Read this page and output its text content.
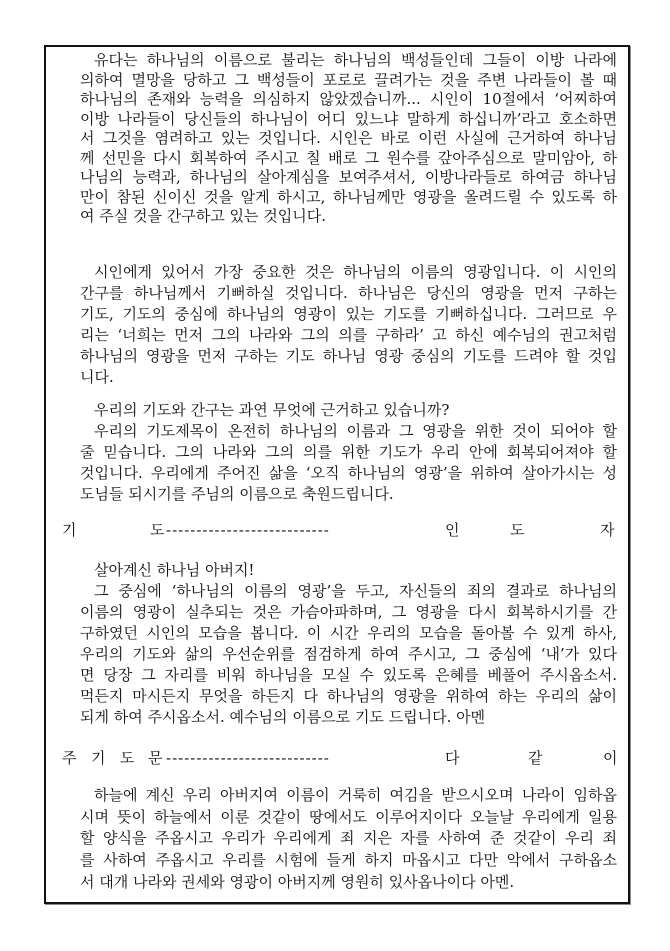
유다는 하나님의 이름으로 불리는 하나님의 백성들인데 그들이 이방 나라에
의하여 멸망을 당하고 그 백성들이 포로로 끌려가는 것을 주변 나라들이 볼 때
하나님의 존재와 능력을 의심하지 않았겠습니까... 시인이 10절에서 ‘어찌하여
이방 나라들이 당신들의 하나님이 어디 있느냐 말하게 하십니까’라고 호소하면
서 그것을 염려하고 있는 것입니다. 시인은 바로 이런 사실에 근거하여 하나님
께 선민을 다시 회복하여 주시고 칠 배로 그 원수를 갚아주심으로 말미암아, 하
나님의 능력과, 하나님의 살아계심을 보여주셔서, 이방나라들로 하여금 하나님
만이 참된 신이신 것을 알게 하시고, 하나님께만 영광을 올려드릴 수 있도록 하
여 주실 것을 간구하고 있는 것입니다.
시인에게 있어서 가장 중요한 것은 하나님의 이름의 영광입니다. 이 시인의
간구를 하나님께서 기뻐하실 것입니다. 하나님은 당신의 영광을 먼저 구하는
기도, 기도의 중심에 하나님의 영광이 있는 기도를 기뻐하십니다. 그러므로 우
리는 ‘너희는 먼저 그의 나라와 그의 의를 구하라’ 고 하신 예수님의 권고처럼
하나님의 영광을 먼저 구하는 기도 하나님 영광 중심의 기도를 드려야 할 것입
니다.
우리의 기도와 간구는 과연 무엇에 근거하고 있습니까?
우리의 기도제목이 온전히 하나님의 이름과 그 영광을 위한 것이 되어야 할
줄 믿습니다. 그의 나라와 그의 의를 위한 기도가 우리 안에 회복되어져야 할
것입니다. 우리에게 주어진 삶을 ‘오직 하나님의 영광’을 위하여 살아가시는 성
도님들 되시기를 주님의 이름으로 축원드립니다.
기	도 ---------------------------	인	도	자
살아계신 하나님 아버지!
그 중심에 ‘하나님의 이름의 영광’을 두고, 자신들의 죄의 결과로 하나님의
이름의 영광이 실추되는 것은 가슴아파하며, 그 영광을 다시 회복하시기를 간
구하였던 시인의 모습을 봅니다. 이 시간 우리의 모습을 돌아볼 수 있게 하사,
우리의 기도와 삶의 우선순위를 점검하게 하여 주시고, 그 중심에 ‘내’가 있다
면 당장 그 자리를 비워 하나님을 모실 수 있도록 은혜를 베풀어 주시옵소서.
먹든지 마시든지 무엇을 하든지 다 하나님의 영광을 위하여 하는 우리의 삶이
되게 하여 주시옵소서. 예수님의 이름으로 기도 드립니다. 아멘
주 기 도 문 ---------------------------	다	같	이
하늘에 계신 우리 아버지여 이름이 거룩히 여김을 받으시오며 나라이 임하옵
시며 뜻이 하늘에서 이룬 것같이 땅에서도 이루어지이다 오늘날 우리에게 일용
할 양식을 주옵시고 우리가 우리에게 죄 지은 자를 사하여 준 것같이 우리 죄
를 사하여 주옵시고 우리를 시험에 들게 하지 마옵시고 다만 악에서 구하옵소
서 대개 나라와 권세와 영광이 아버지께 영원히 있사옵나이다 아멘.
